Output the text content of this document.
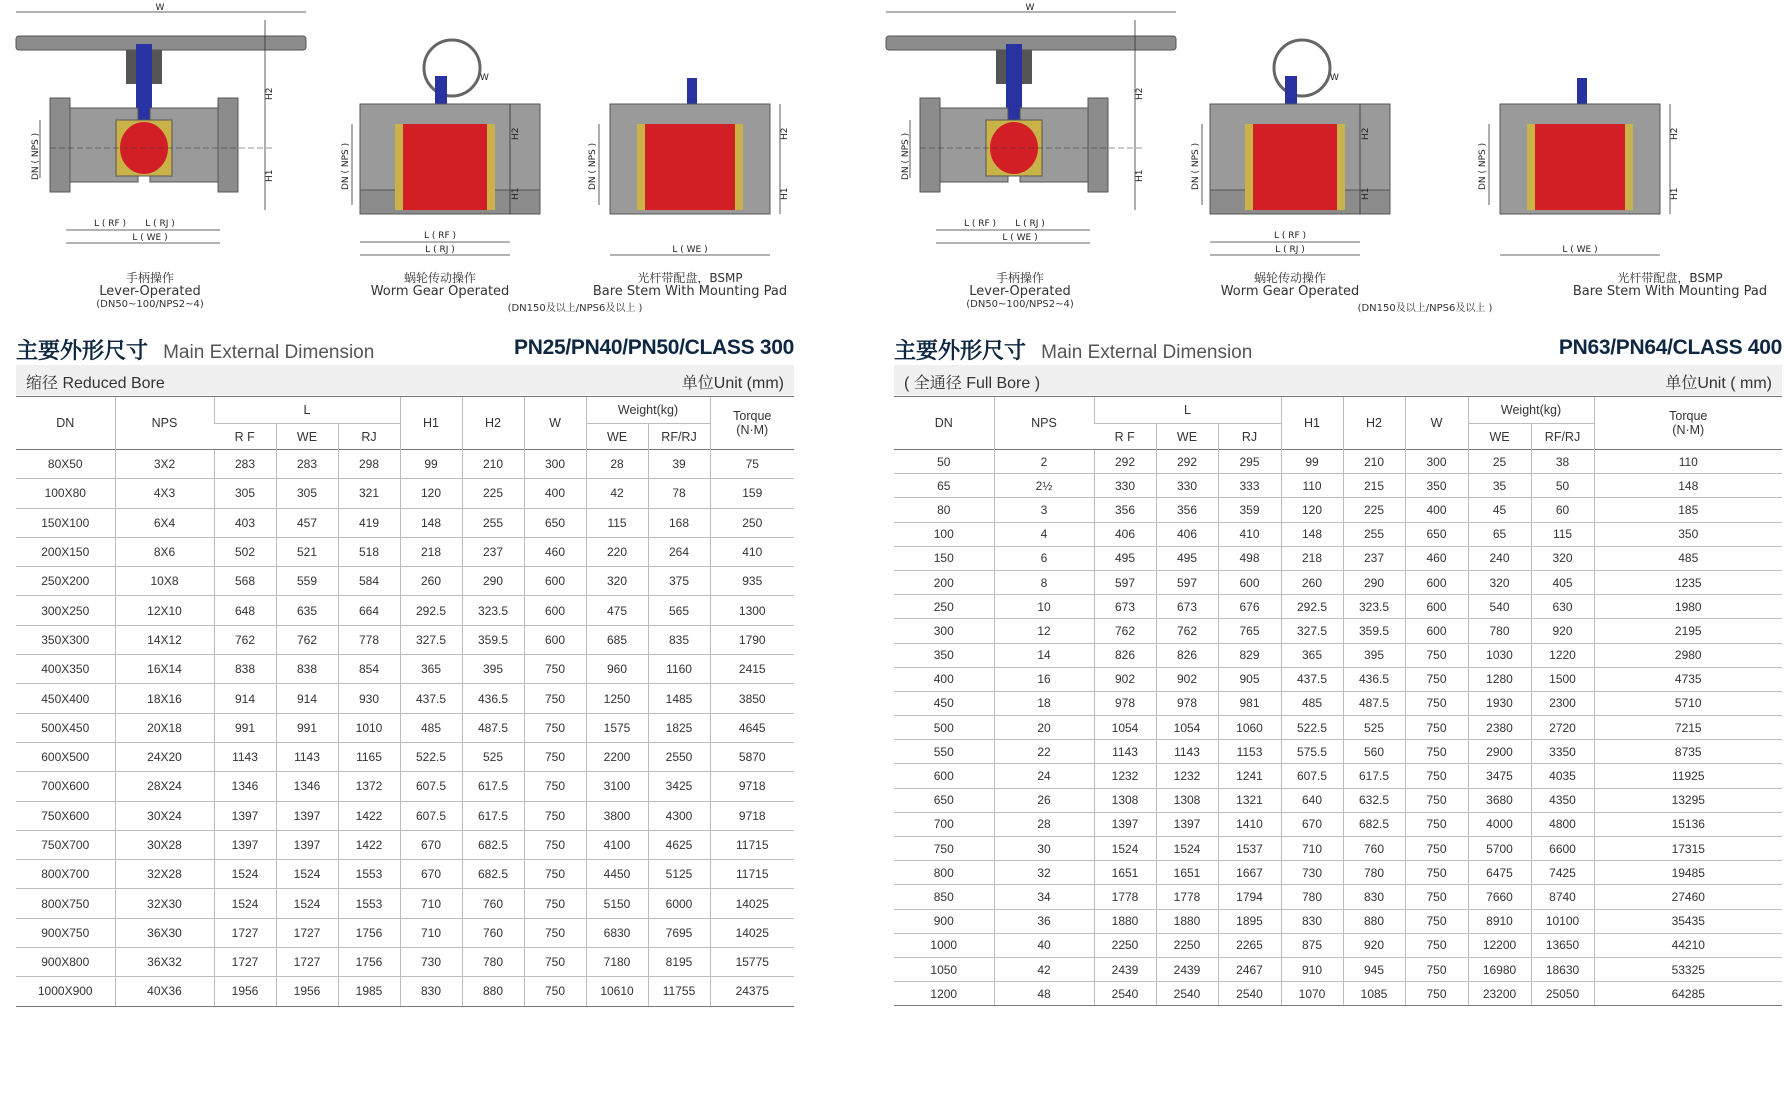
W
H2
H1
DN ( NPS )
L ( RF ) L ( RJ )
L ( WE )
手柄操作
Lever-Operated
(DN50~100/NPS2~4)
W
H2
H1
DN ( NPS )
L ( RF )
L ( RJ )
蜗轮传动操作
Worm Gear Operated
(DN150及以上/NPS6及以上 )
H2
H1
DN ( NPS )
L ( WE )
光杆带配盘，BSMP
Bare Stem With Mounting Pad
主要外形尺寸 Main External Dimension	PN25/PN40/PN50/CLASS 300
缩径 Reduced Bore	单位Unit (mm)
DN	NPS	L			H1	H2	W	Weight(kg)		Torque
(N·M)

		R F	WE	RJ				WE	RF/RJ	
80X50	3X2	283	283	298	99	210	300	28	39	75
100X80	4X3	305	305	321	120	225	400	42	78	159
150X100	6X4	403	457	419	148	255	650	115	168	250
200X150	8X6	502	521	518	218	237	460	220	264	410
250X200	10X8	568	559	584	260	290	600	320	375	935
300X250	12X10	648	635	664	292.5	323.5	600	475	565	1300
350X300	14X12	762	762	778	327.5	359.5	600	685	835	1790
400X350	16X14	838	838	854	365	395	750	960	1160	2415
450X400	18X16	914	914	930	437.5	436.5	750	1250	1485	3850
500X450	20X18	991	991	1010	485	487.5	750	1575	1825	4645
600X500	24X20	1143	1143	1165	522.5	525	750	2200	2550	5870
700X600	28X24	1346	1346	1372	607.5	617.5	750	3100	3425	9718
750X600	30X24	1397	1397	1422	607.5	617.5	750	3800	4300	9718
750X700	30X28	1397	1397	1422	670	682.5	750	4100	4625	11715
800X700	32X28	1524	1524	1553	670	682.5	750	4450	5125	11715
800X750	32X30	1524	1524	1553	710	760	750	5150	6000	14025
900X750	36X30	1727	1727	1756	710	760	750	6830	7695	14025
900X800	36X32	1727	1727	1756	730	780	750	7180	8195	15775
1000X900	40X36	1956	1956	1985	830	880	750	10610	11755	24375
W
H2
H1
DN ( NPS )
L ( RF ) L ( RJ )
L ( WE )
手柄操作
Lever-Operated
(DN50~100/NPS2~4)
W
H2
H1
DN ( NPS )
L ( RF )
L ( RJ )
蜗轮传动操作
Worm Gear Operated
(DN150及以上/NPS6及以上 )
H2
H1
DN ( NPS )
L ( WE )
光杆带配盘，BSMP
Bare Stem With Mounting Pad
主要外形尺寸 Main External Dimension	PN63/PN64/CLASS 400
( 全通径 Full Bore )	单位Unit ( mm)
DN	NPS	L			H1	H2	W	Weight(kg)		Torque
(N·M)

		R F	WE	RJ				WE	RF/RJ	
50	2	292	292	295	99	210	300	25	38	110
65	2½	330	330	333	110	215	350	35	50	148
80	3	356	356	359	120	225	400	45	60	185
100	4	406	406	410	148	255	650	65	115	350
150	6	495	495	498	218	237	460	240	320	485
200	8	597	597	600	260	290	600	320	405	1235
250	10	673	673	676	292.5	323.5	600	540	630	1980
300	12	762	762	765	327.5	359.5	600	780	920	2195
350	14	826	826	829	365	395	750	1030	1220	2980
400	16	902	902	905	437.5	436.5	750	1280	1500	4735
450	18	978	978	981	485	487.5	750	1930	2300	5710
500	20	1054	1054	1060	522.5	525	750	2380	2720	7215
550	22	1143	1143	1153	575.5	560	750	2900	3350	8735
600	24	1232	1232	1241	607.5	617.5	750	3475	4035	11925
650	26	1308	1308	1321	640	632.5	750	3680	4350	13295
700	28	1397	1397	1410	670	682.5	750	4000	4800	15136
750	30	1524	1524	1537	710	760	750	5700	6600	17315
800	32	1651	1651	1667	730	780	750	6475	7425	19485
850	34	1778	1778	1794	780	830	750	7660	8740	27460
900	36	1880	1880	1895	830	880	750	8910	10100	35435
1000	40	2250	2250	2265	875	920	750	12200	13650	44210
1050	42	2439	2439	2467	910	945	750	16980	18630	53325
1200	48	2540	2540	2540	1070	1085	750	23200	25050	64285
